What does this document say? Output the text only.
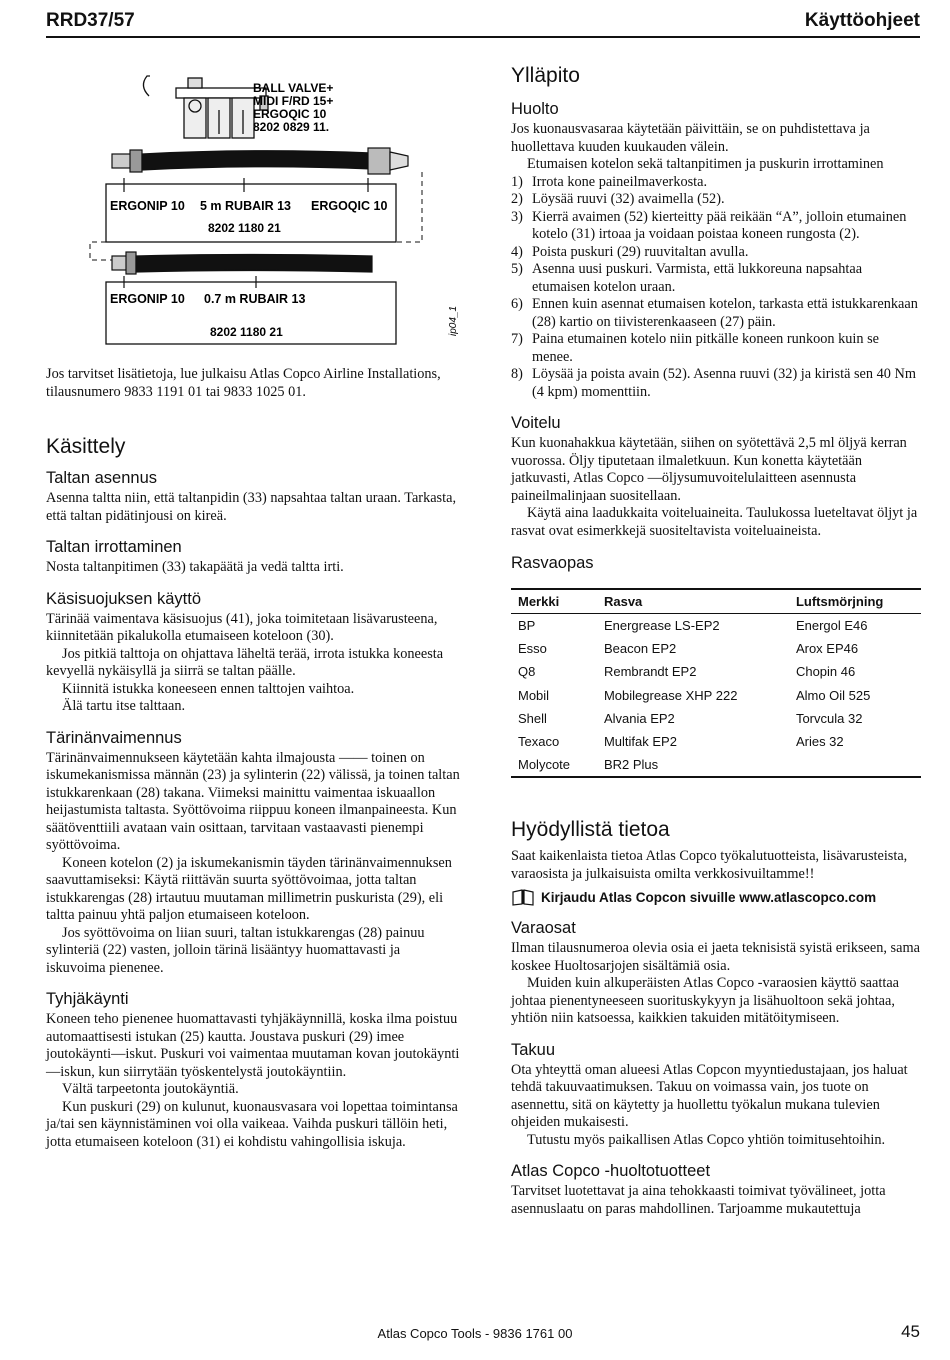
RRD37/57	Käyttöohjeet
BALL VALVE+
MIDI F/RD 15+
ERGOQIC 10
8202 0829 11.
ERGONIP 10 5 m RUBAIR 13 ERGOQIC 10
8202 1180 21
ERGONIP 10 0.7 m RUBAIR 13
8202 1180 21	ip04_1

Jos tarvitset lisätietoja, lue julkaisu Atlas Copco Airline Installations, tilausnumero 9833 1191 01 tai 9833 1025 01.

Käsittely
Taltan asennus

Asenna taltta niin, että taltanpidin (33) napsahtaa taltan uraan. Tarkasta, että taltan pidätinjousi on kireä.

Taltan irrottaminen

Nosta taltanpitimen (33) takapäätä ja vedä taltta irti.

Käsisuojuksen käyttö

Tärinää vaimentava käsisuojus (41), joka toimitetaan lisävarusteena, kiinnitetään pikalukolla etumaiseen koteloon (30).

Jos pitkiä talttoja on ohjattava läheltä terää, irrota istukka koneesta kevyellä nykäisyllä ja siirrä se taltan päälle.

Kiinnitä istukka koneeseen ennen talttojen vaihtoa.

Älä tartu itse talttaan.

Tärinänvaimennus

Tärinänvaimennukseen käytetään kahta ilmajousta —— toinen on iskumekanismissa männän (23) ja sylinterin (22) välissä, ja toinen taltan istukkarenkaan (28) takana. Viimeksi mainittu vaimentaa iskuaallon heijastumista taltasta. Syöttövoima riippuu koneen ilmanpaineesta. Kun säätöventtiili avataan vain osittaan, tarvitaan vastaavasti pienempi syöttövoima.

Koneen kotelon (2) ja iskumekanismin täyden tärinänvaimennuksen saavuttamiseksi: Käytä riittävän suurta syöttövoimaa, jotta taltan istukkarengas (28) irtautuu muutaman millimetrin puskurista (29), eli taltta painuu yhtä paljon etumaiseen koteloon.

Jos syöttövoima on liian suuri, taltan istukkarengas (28) painuu sylinteriä (22) vasten, jolloin tärinä lisääntyy huomattavasti ja iskuvoima pienenee.

Tyhjäkäynti

Koneen teho pienenee huomattavasti tyhjäkäynnillä, koska ilma poistuu automaattisesti istukan (25) kautta. Joustava puskuri (29) imee joutokäynti—iskut. Puskuri voi vaimentaa muutaman kovan joutokäynti—iskun, kun siirrytään työskentelystä joutokäyntiin.

Vältä tarpeetonta joutokäyntiä.

Kun puskuri (29) on kulunut, kuonausvasara voi lopettaa toimintansa ja/tai sen käynnistäminen voi olla vaikeaa. Vaihda puskuri tällöin heti, jotta etumaiseen koteloon (31) ei kohdistu vahingollisia iskuja.

Ylläpito
Huolto

Jos kuonausvasaraa käytetään päivittäin, se on puhdistettava ja huollettava kuuden kuukauden välein.

Etumaisen kotelon sekä taltanpitimen ja puskurin irrottaminen

1) Irrota kone paineilmaverkosta.
2) Löysää ruuvi (32) avaimella (52).
3) Kierrä avaimen (52) kierteitty pää reikään “A”, jolloin etumainen kotelo (31) irtoaa ja voidaan poistaa koneen rungosta (2).
4) Poista puskuri (29) ruuvitaltan avulla.
5) Asenna uusi puskuri. Varmista, että lukkoreuna napsahtaa etumaisen kotelon uraan.
6) Ennen kuin asennat etumaisen kotelon, tarkasta että istukkarenkaan (28) kartio on tiivisterenkaaseen (27) päin.
7) Paina etumainen kotelo niin pitkälle koneen runkoon kuin se menee.
8) Löysää ja poista avain (52). Asenna ruuvi (32) ja kiristä sen 40 Nm (4 kpm) momenttiin.
Voitelu

Kun kuonahakkua käytetään, siihen on syötettävä 2,5 ml öljyä kerran vuorossa. Öljy tiputetaan ilmaletkuun. Kun konetta käytetään jatkuvasti, Atlas Copco —öljysumuvoitelulaitteen asennusta paineilmalinjaan suositellaan.

Käytä aina laadukkaita voiteluaineita. Taulukossa lueteltavat öljyt ja rasvat ovat esimerkkejä suositeltavista voiteluaineista.

Rasvaopas
Merkki	Rasva	Luftsmörjning
BP	Energrease LS-EP2	Energol E46
Esso	Beacon EP2	Arox EP46
Q8	Rembrandt EP2	Chopin 46
Mobil	Mobilegrease XHP 222	Almo Oil 525
Shell	Alvania EP2	Torvcula 32
Texaco	Multifak EP2	Aries 32
Molycote	BR2 Plus	
Hyödyllistä tietoa

Saat kaikenlaista tietoa Atlas Copco työkalutuotteista, lisävarusteista, varaosista ja julkaisuista omilta verkkosivuiltamme!!

Kirjaudu Atlas Copcon sivuille www.atlascopco.com
Varaosat

Ilman tilausnumeroa olevia osia ei jaeta teknisistä syistä erikseen, sama koskee Huoltosarjojen sisältämiä osia.

Muiden kuin alkuperäisten Atlas Copco -varaosien käyttö saattaa johtaa pienentyneeseen suorituskykyyn ja lisähuoltoon sekä johtaa, yhtiön niin katsoessa, kaikkien takuiden mitätöitymiseen.

Takuu

Ota yhteyttä oman alueesi Atlas Copcon myyntiedustajaan, jos haluat tehdä takuuvaatimuksen. Takuu on voimassa vain, jos tuote on asennettu, sitä on käytetty ja huollettu työkalun mukana tulevien ohjeiden mukaisesti.

Tutustu myös paikallisen Atlas Copco yhtiön toimitusehtoihin.

Atlas Copco -huoltotuotteet

Tarvitset luotettavat ja aina tehokkaasti toimivat työvälineet, jotta asennuslaatu on paras mahdollinen. Tarjoamme mukautettuja

Atlas Copco Tools - 9836 1761 00	45
